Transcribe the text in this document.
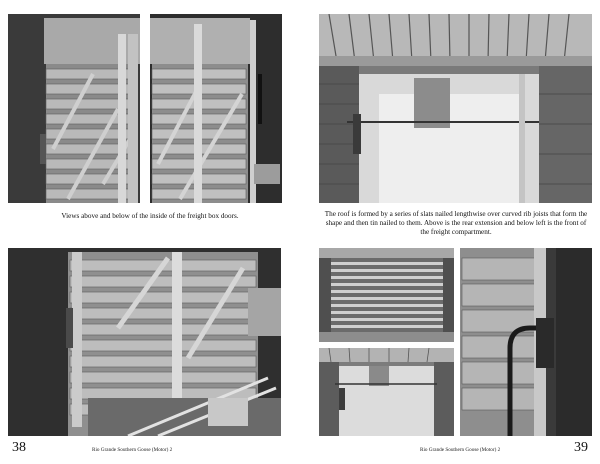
Views above and below of the inside of the freight box doors.

38	Rio Grande Southern Goose (Motor) 2

The roof is formed by a series of slats nailed lengthwise over curved rib joists that form the shape and then tin nailed to them. Above is the rear extension and below left is the front of the freight compartment.

Rio Grande Southern Goose (Motor) 2	39
